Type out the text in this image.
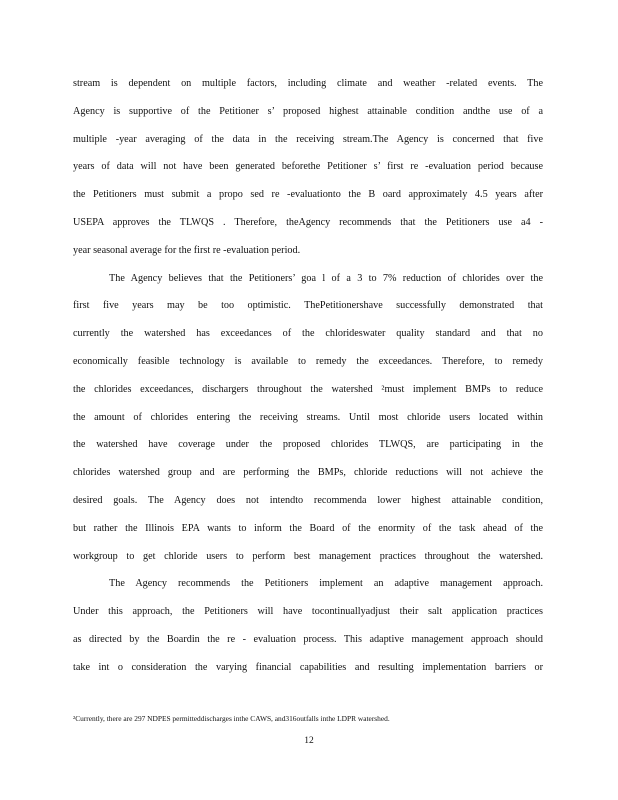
stream is dependent on multiple factors, including climate and weather -related events. The
Agency is supportive of the Petitioner s’ proposed highest attainable condition andthe use of a
multiple -year averaging of the data in the receiving stream.The Agency is concerned that five
years of data will not have been generated beforethe Petitioner s’ first re -evaluation period because
the Petitioners must submit a propo sed re -evaluationto the B oard approximately 4.5 years after
USEPA approves the TLWQS . Therefore, theAgency recommends that the Petitioners use a4 -
year seasonal average for the first re -evaluation period.
The Agency believes that the Petitioners’ goa l of a 3 to 7% reduction of chlorides over the
first five years may be too optimistic. ThePetitionershave successfully demonstrated that
currently the watershed has exceedances of the chlorideswater quality standard and that no
economically feasible technology is available to remedy the exceedances. Therefore, to remedy
the chlorides exceedances, dischargers throughout the watershed ²must implement BMPs to reduce
the amount of chlorides entering the receiving streams. Until most chloride users located within
the watershed have coverage under the proposed chlorides TLWQS, are participating in the
chlorides watershed group and are performing the BMPs, chloride reductions will not achieve the
desired goals. The Agency does not intendto recommenda lower highest attainable condition,
but rather the Illinois EPA wants to inform the Board of the enormity of the task ahead of the
workgroup to get chloride users to perform best management practices throughout the watershed.
The Agency recommends the Petitioners implement an adaptive management approach.
Under this approach, the Petitioners will have tocontinuallyadjust their salt application practices
as directed by the Boardin the re - evaluation process. This adaptive management approach should
take int o consideration the varying financial capabilities and resulting implementation barriers or
²Currently, there are 297 NDPES permitteddischarges inthe CAWS, and316outfalls inthe LDPR watershed.
12
